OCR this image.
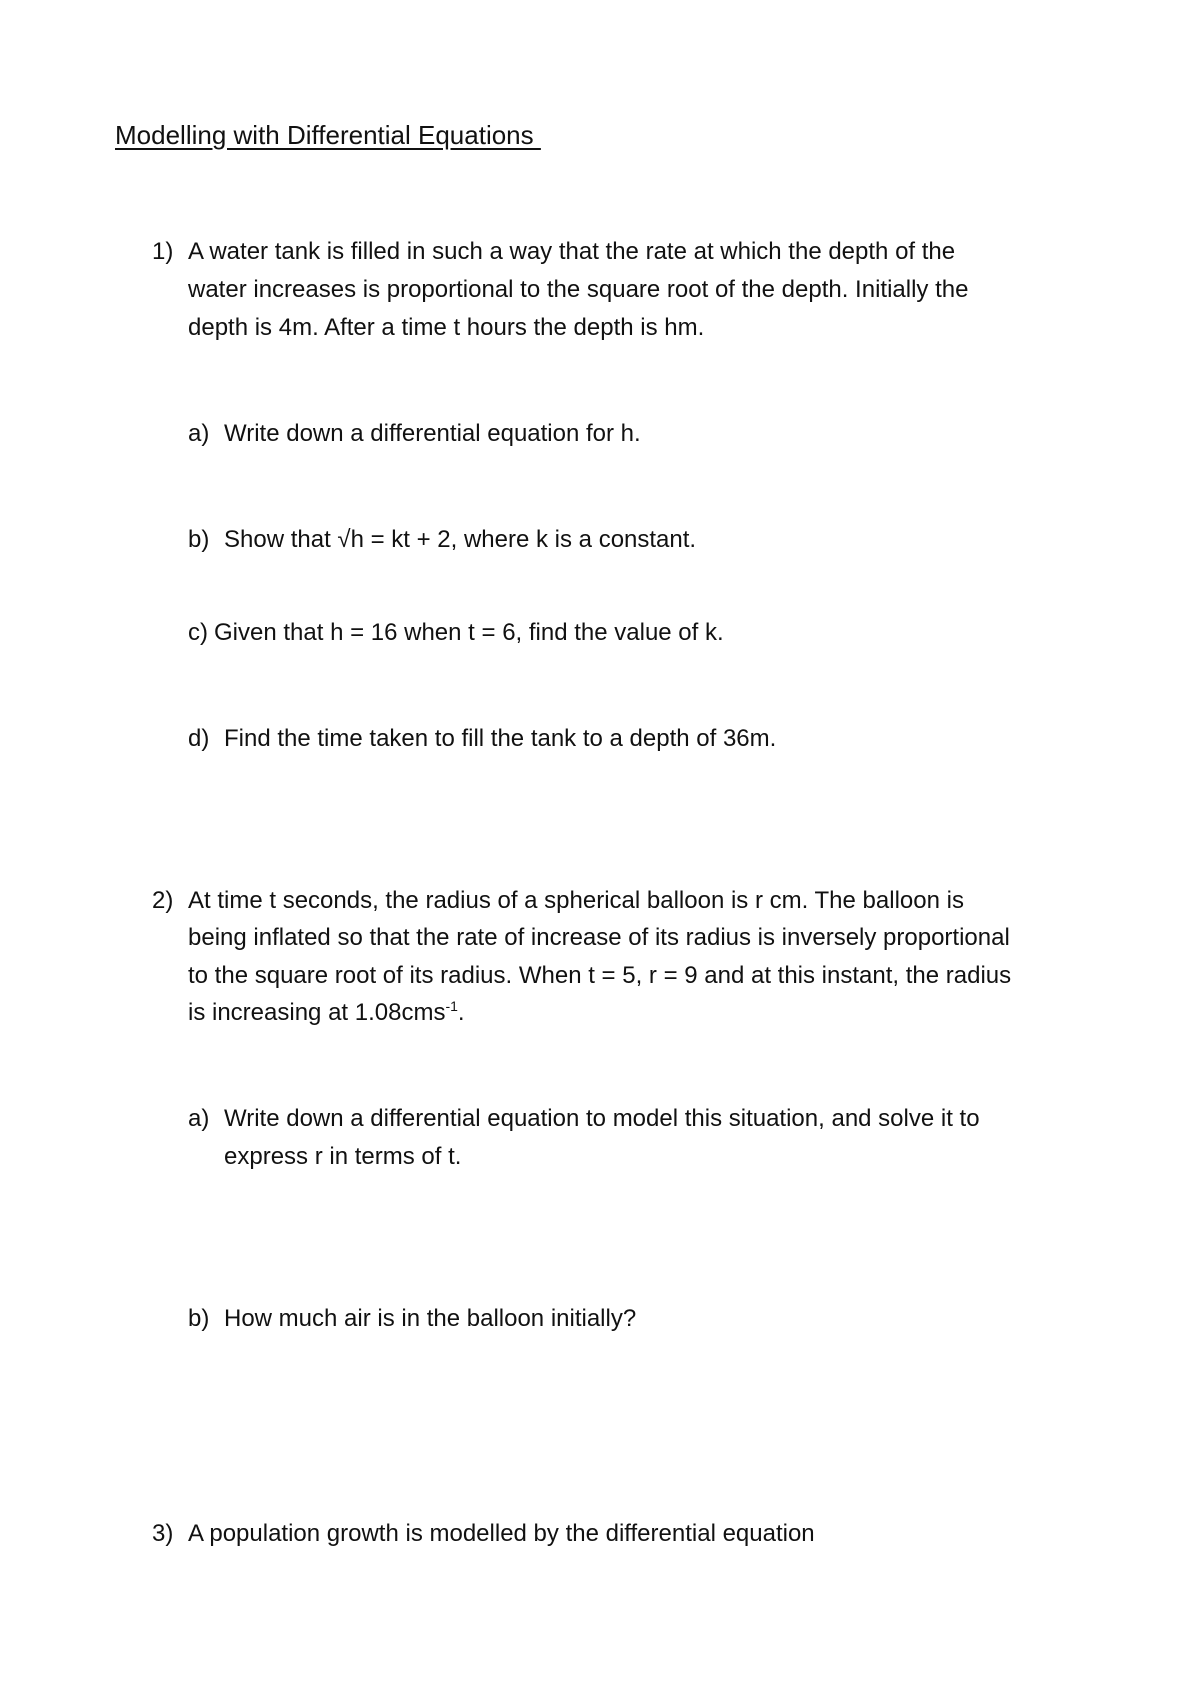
Modelling with Differential Equations
1) A water tank is filled in such a way that the rate at which the depth of the
water increases is proportional to the square root of the depth. Initially the
depth is 4m. After a time t hours the depth is hm.
a) Write down a differential equation for h.
b) Show that √h = kt + 2, where k is a constant.
c) Given that h = 16 when t = 6, find the value of k.
d) Find the time taken to fill the tank to a depth of 36m.
2) At time t seconds, the radius of a spherical balloon is r cm. The balloon is
being inflated so that the rate of increase of its radius is inversely proportional
to the square root of its radius. When t = 5, r = 9 and at this instant, the radius
is increasing at 1.08cms$^{-1}$.
a) Write down a differential equation to model this situation, and solve it to
express r in terms of t.
b) How much air is in the balloon initially?
3) A population growth is modelled by the differential equation
